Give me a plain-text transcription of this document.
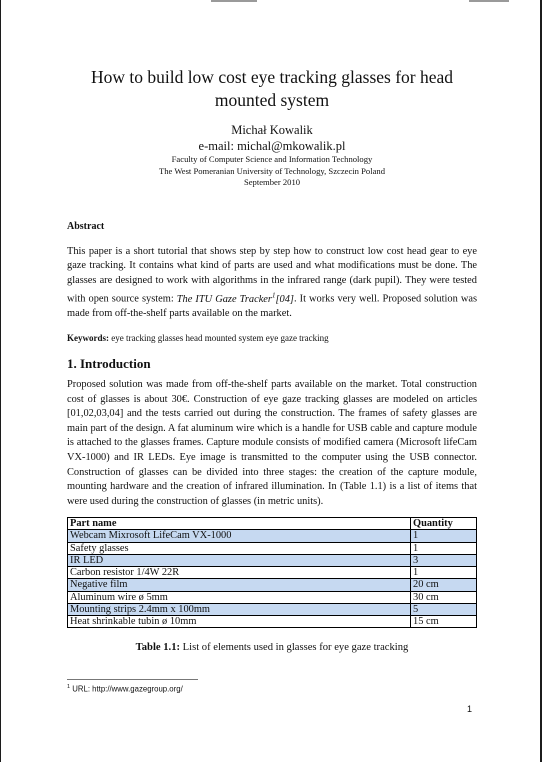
How to build low cost eye tracking glasses for head mounted system
Michał Kowalik
e-mail: michal@mkowalik.pl
Faculty of Computer Science and Information Technology
The West Pomeranian University of Technology, Szczecin Poland
September 2010
Abstract
This paper is a short tutorial that shows step by step how to construct low cost head gear to eye gaze tracking. It contains what kind of parts are used and what modifications must be done. The glasses are designed to work with algorithms in the infrared range (dark pupil). They were tested with open source system: The ITU Gaze Tracker$^1$[04]. It works very well. Proposed solution was made from off-the-shelf parts available on the market.
Keywords: eye tracking glasses head mounted system eye gaze tracking
1. Introduction
Proposed solution was made from off-the-shelf parts available on the market. Total construction cost of glasses is about 30€. Construction of eye gaze tracking glasses are modeled on articles [01,02,03,04] and the tests carried out during the construction. The frames of safety glasses are main part of the design. A fat aluminum wire which is a handle for USB cable and capture module is attached to the glasses frames. Capture module consists of modified camera (Microsoft lifeCam VX-1000) and IR LEDs. Eye image is transmitted to the computer using the USB connector. Construction of glasses can be divided into three stages: the creation of the capture module, mounting hardware and the creation of infrared illumination. In (Table 1.1) is a list of items that were used during the construction of glasses (in metric units).
Part name	Quantity
Webcam Mixrosoft LifeCam VX-1000	1
Safety glasses	1
IR LED	3
Carbon resistor 1/4W 22R	1
Negative film	20 cm
Aluminum wire ø 5mm	30 cm
Mounting strips 2.4mm x 100mm	5
Heat shrinkable tubin ø 10mm	15 cm
Table 1.1: List of elements used in glasses for eye gaze tracking
$^1$ URL: http://www.gazegroup.org/
1
